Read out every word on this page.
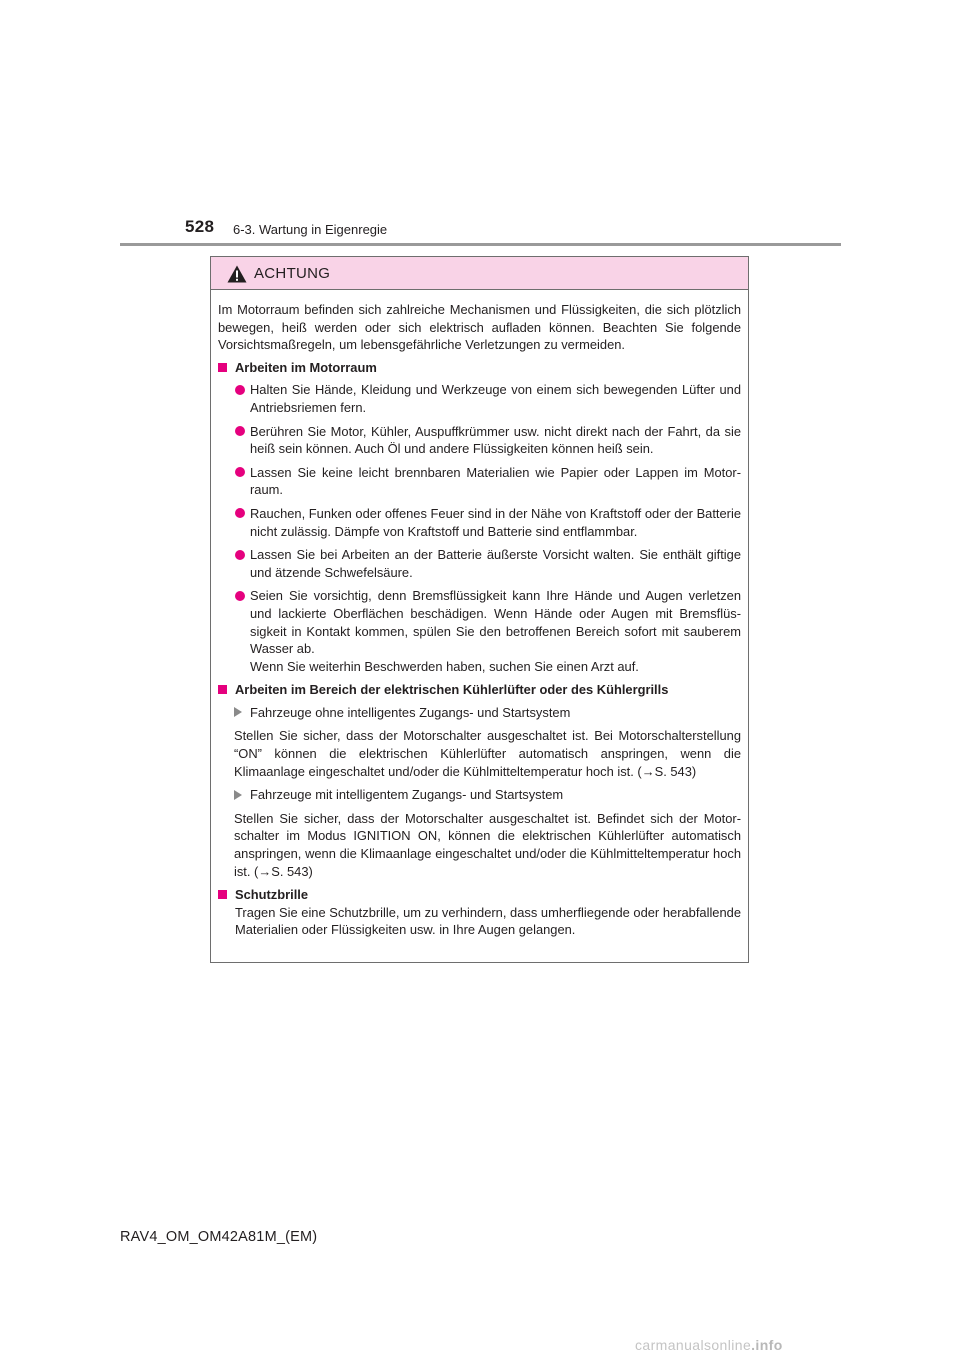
528 6-3. Wartung in Eigenregie
ACHTUNG
Im Motorraum befinden sich zahlreiche Mechanismen und Flüssigkeiten, die sich plötzlich bewegen, heiß werden oder sich elektrisch aufladen können. Beachten Sie folgende Vorsichtsmaßregeln, um lebensgefährliche Verletzungen zu vermeiden.
Arbeiten im Motorraum
Halten Sie Hände, Kleidung und Werkzeuge von einem sich bewegenden Lüfter und Antriebsriemen fern.
Berühren Sie Motor, Kühler, Auspuffkrümmer usw. nicht direkt nach der Fahrt, da sie heiß sein können. Auch Öl und andere Flüssigkeiten können heiß sein.
Lassen Sie keine leicht brennbaren Materialien wie Papier oder Lappen im Motorraum.
Rauchen, Funken oder offenes Feuer sind in der Nähe von Kraftstoff oder der Batterie nicht zulässig. Dämpfe von Kraftstoff und Batterie sind entflammbar.
Lassen Sie bei Arbeiten an der Batterie äußerste Vorsicht walten. Sie enthält giftige und ätzende Schwefelsäure.
Seien Sie vorsichtig, denn Bremsflüssigkeit kann Ihre Hände und Augen verletzen und lackierte Oberflächen beschädigen. Wenn Hände oder Augen mit Bremsflüssigkeit in Kontakt kommen, spülen Sie den betroffenen Bereich sofort mit sauberem Wasser ab.
Wenn Sie weiterhin Beschwerden haben, suchen Sie einen Arzt auf.
Arbeiten im Bereich der elektrischen Kühlerlüfter oder des Kühlergrills
Fahrzeuge ohne intelligentes Zugangs- und Startsystem
Stellen Sie sicher, dass der Motorschalter ausgeschaltet ist. Bei Motorschalterstellung “ON” können die elektrischen Kühlerlüfter automatisch anspringen, wenn die Klimaanlage eingeschaltet und/oder die Kühlmitteltemperatur hoch ist. (→S. 543)
Fahrzeuge mit intelligentem Zugangs- und Startsystem
Stellen Sie sicher, dass der Motorschalter ausgeschaltet ist. Befindet sich der Motorschalter im Modus IGNITION ON, können die elektrischen Kühlerlüfter automatisch anspringen, wenn die Klimaanlage eingeschaltet und/oder die Kühlmitteltemperatur hoch ist. (→S. 543)
Schutzbrille
Tragen Sie eine Schutzbrille, um zu verhindern, dass umherfliegende oder herabfallende Materialien oder Flüssigkeiten usw. in Ihre Augen gelangen.
RAV4_OM_OM42A81M_(EM)
carmanualsonline.info
